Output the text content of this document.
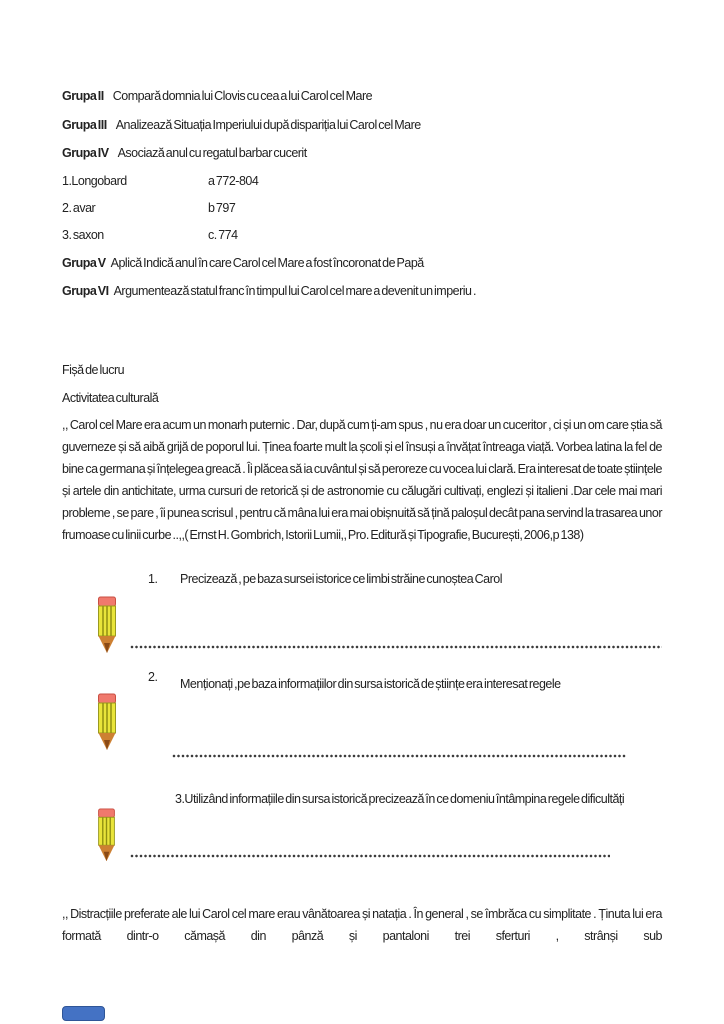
Grupa II Compară domnia lui Clovis cu cea a lui Carol cel Mare

Grupa III Analizează Situația Imperiului după dispariția lui Carol cel Mare

Grupa IV Asociază anul cu regatul barbar cucerit

1.Longobard	a 772-804

2. avar	b 797

3. saxon	c. 774

Grupa V Aplică Indică anul în care Carol cel Mare a fost încoronat de Papă

Grupa VI Argumentează statul franc în timpul lui Carol cel mare a devenit un imperiu .

Fișă de lucru

Activitatea culturală

,, Carol cel Mare era acum un monarh puternic . Dar, după cum ți-am spus , nu era doar un cuceritor , ci și un om care știa să guverneze și să aibă grijă de poporul lui. Ținea foarte mult la școli și el însuși a învățat întreaga viață. Vorbea latina la fel de bine ca germana și înțelegea greacă . Îi plăcea să ia cuvântul și să peroreze cu vocea lui clară. Era interesat de toate științele și artele din antichitate, urma cursuri de retorică și de astronomie cu călugări cultivați, englezi și italieni .Dar cele mai mari probleme , se pare , îi punea scrisul , pentru că mâna lui era mai obișnuită să țină paloșul decât pana servind la trasarea unor frumoase cu linii curbe ..,,( Ernst H. Gombrich, Istorii Lumii,, Pro. Editură și Tipografie, București, 2006,p 138)
1. Precizează , pe baza sursei istorice ce limbi străine cunoștea Carol
2. Menționați ,pe baza informațiilor din sursa istorică de științe era interesat regele
3.Utilizând informațiile din sursa istorică precizează în ce domeniu întâmpina regele dificultăți
,, Distracțiile preferate ale lui Carol cel mare erau vânătoarea și natația . În general , se îmbrăca cu simplitate . Ținuta lui era formată dintr-o cămașă din pânză și pantaloni trei sferturi , strânși sub
